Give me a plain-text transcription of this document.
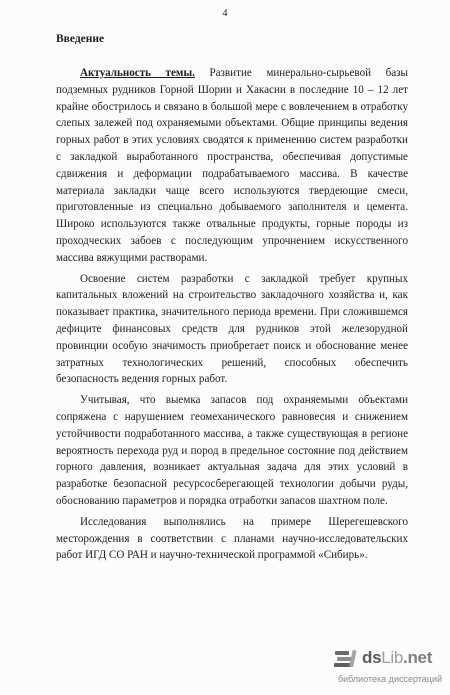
4
Введение

Актуальность темы. Развитие минерально-сырьевой базы подземных рудников Горной Шории и Хакасии в последние 10 – 12 лет крайне обострилось и связано в большой мере с вовлечением в отработку слепых залежей под охраняемыми объектами. Общие принципы ведения горных работ в этих условиях сводятся к применению систем разработки с закладкой выработанного пространства, обеспечивая допустимые сдвижения и деформации подрабатываемого массива. В качестве материала закладки чаще всего используются твердеющие смеси, приготовленные из специально добываемого заполнителя и цемента. Широко используются также отвальные продукты, горные породы из проходческих забоев с последующим упрочнением искусственного массива вяжущими растворами.

Освоение систем разработки с закладкой требует крупных капитальных вложений на строительство закладочного хозяйства и, как показывает практика, значительного периода времени. При сложившемся дефиците финансовых средств для рудников этой железорудной провинции особую значимость приобретает поиск и обоснование менее затратных технологических решений, способных обеспечить безопасность ведения горных работ.

Учитывая, что выемка запасов под охраняемыми объектами сопряжена с нарушением геомеханического равновесия и снижением устойчивости подработанного массива, а также существующая в регионе вероятность перехода руд и пород в предельное состояние под действием горного давления, возникает актуальная задача для этих условий в разработке безопасной ресурсосберегающей технологии добычи руды, обоснованию параметров и порядка отработки запасов шахтном поле.

Исследования выполнялись на примере Шерегешевского месторождения в соответствии с планами научно-исследовательских работ ИГД СО РАН и научно-технической программой «Сибирь».

dsLib.net
библиотека диссертаций
